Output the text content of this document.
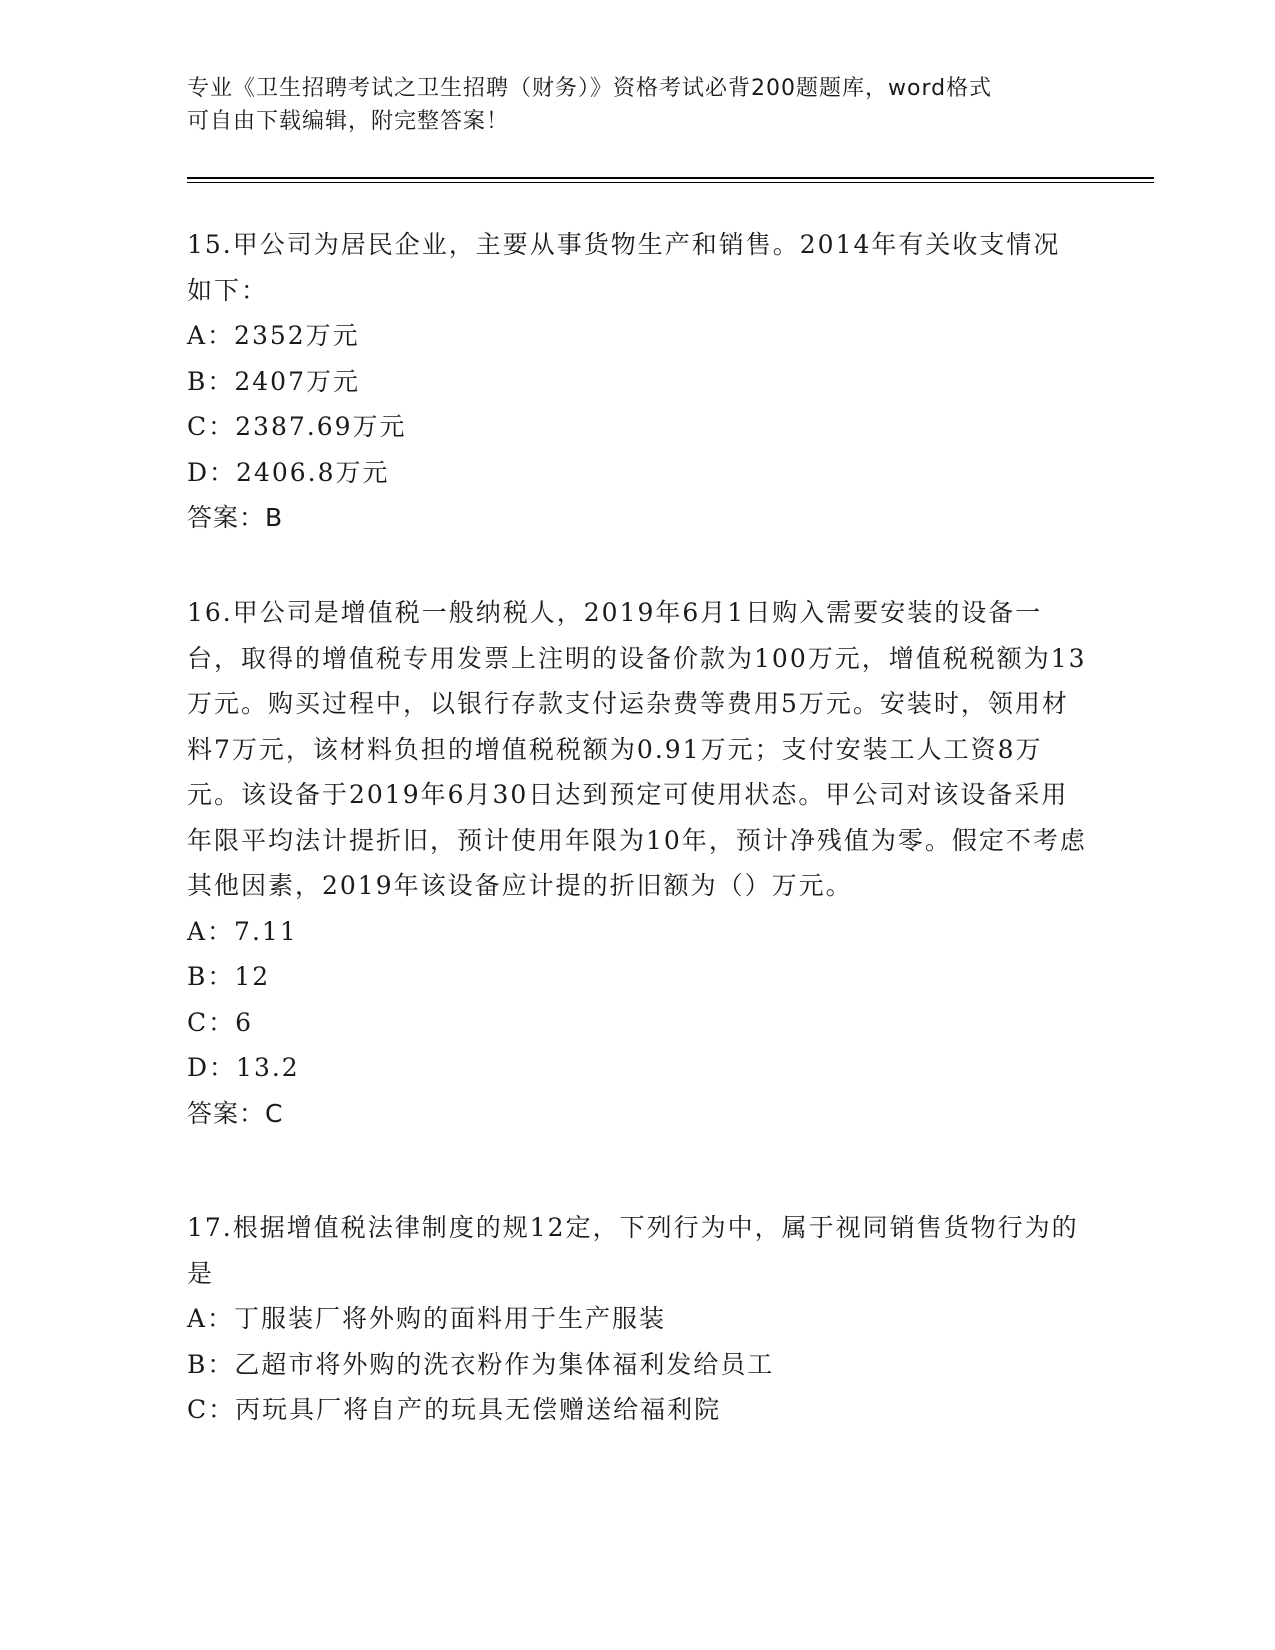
专业《卫生招聘考试之卫生招聘（财务）》资格考试必背200题题库，word格式
可自由下载编辑，附完整答案！

15.甲公司为居民企业，主要从事货物生产和销售。2014年有关收支情况如下：

A：2352万元

B：2407万元

C：2387.69万元

D：2406.8万元

答案：B

16.甲公司是增值税一般纳税人，2019年6月1日购入需要安装的设备一台，取得的增值税专用发票上注明的设备价款为100万元，增值税税额为13万元。购买过程中，以银行存款支付运杂费等费用5万元。安装时，领用材料7万元，该材料负担的增值税税额为0.91万元；支付安装工人工资8万元。该设备于2019年6月30日达到预定可使用状态。甲公司对该设备采用年限平均法计提折旧，预计使用年限为10年，预计净残值为零。假定不考虑其他因素，2019年该设备应计提的折旧额为（）万元。

A：7.11

B：12

C：6

D：13.2

答案：C

17.根据增值税法律制度的规12定，下列行为中，属于视同销售货物行为的是

A：丁服装厂将外购的面料用于生产服装

B：乙超市将外购的洗衣粉作为集体福利发给员工

C：丙玩具厂将自产的玩具无偿赠送给福利院
